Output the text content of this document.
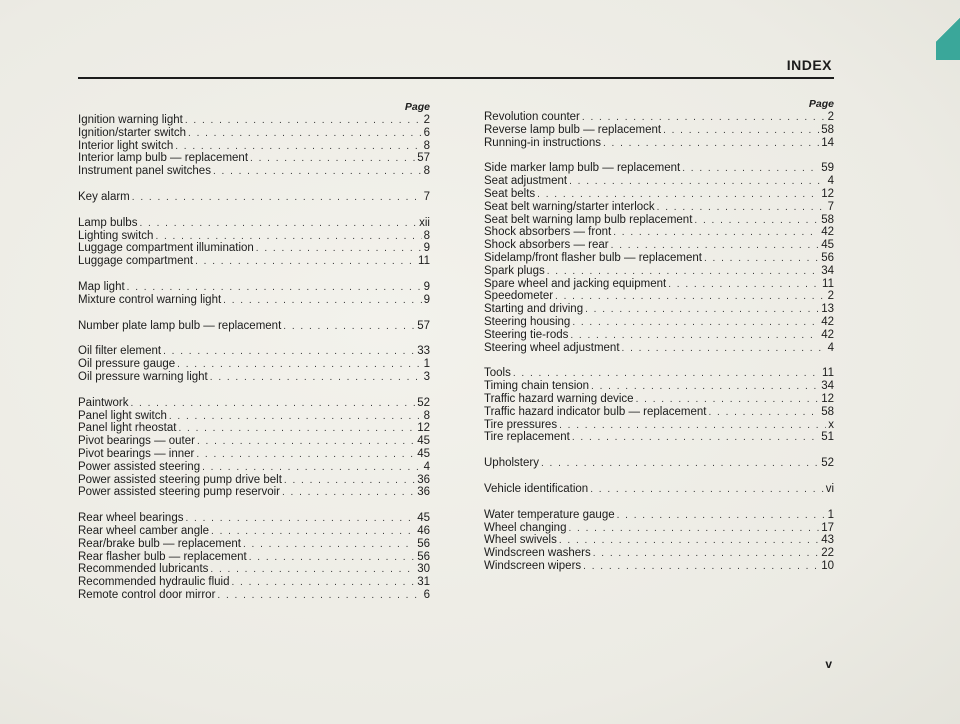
INDEX
Page
Ignition warning light . . .	2
Ignition/starter switch . . .	6
Interior light switch . . .	8
Interior lamp bulb — replacement . . .	57
Instrument panel switches . . .	8
Key alarm . . .	7
Lamp bulbs . . .	xii
Lighting switch . . .	8
Luggage compartment illumination . . .	9
Luggage compartment . . .	11
Map light . . .	9
Mixture control warning light . . .	9
Number plate lamp bulb — replacement . . .	57
Oil filter element . . .	33
Oil pressure gauge . . .	1
Oil pressure warning light . . .	3
Paintwork . . .	52
Panel light switch . . .	8
Panel light rheostat . . .	12
Pivot bearings — outer . . .	45
Pivot bearings — inner . . .	45
Power assisted steering . . .	4
Power assisted steering pump drive belt . . .	36
Power assisted steering pump reservoir . . .	36
Rear wheel bearings . . .	45
Rear wheel camber angle . . .	46
Rear/brake bulb — replacement . . .	56
Rear flasher bulb — replacement . . .	56
Recommended lubricants . . .	30
Recommended hydraulic fluid . . .	31
Remote control door mirror . . .	6
Page
Revolution counter . . .	2
Reverse lamp bulb — replacement . . .	58
Running-in instructions . . .	14
Side marker lamp bulb — replacement . . .	59
Seat adjustment . . .	4
Seat belts . . .	12
Seat belt warning/starter interlock . . .	7
Seat belt warning lamp bulb replacement . . .	58
Shock absorbers — front . . .	42
Shock absorbers — rear . . .	45
Sidelamp/front flasher bulb — replacement . . .	56
Spark plugs . . .	34
Spare wheel and jacking equipment . . .	11
Speedometer . . .	2
Starting and driving . . .	13
Steering housing . . .	42
Steering tie-rods . . .	42
Steering wheel adjustment . . .	4
Tools . . .	11
Timing chain tension . . .	34
Traffic hazard warning device . . .	12
Traffic hazard indicator bulb — replacement . . .	58
Tire pressures . . .	x
Tire replacement . . .	51
Upholstery . . .	52
Vehicle identification . . .	vi
Water temperature gauge . . .	1
Wheel changing . . .	17
Wheel swivels . . .	43
Windscreen washers . . .	22
Windscreen wipers . . .	10
v
